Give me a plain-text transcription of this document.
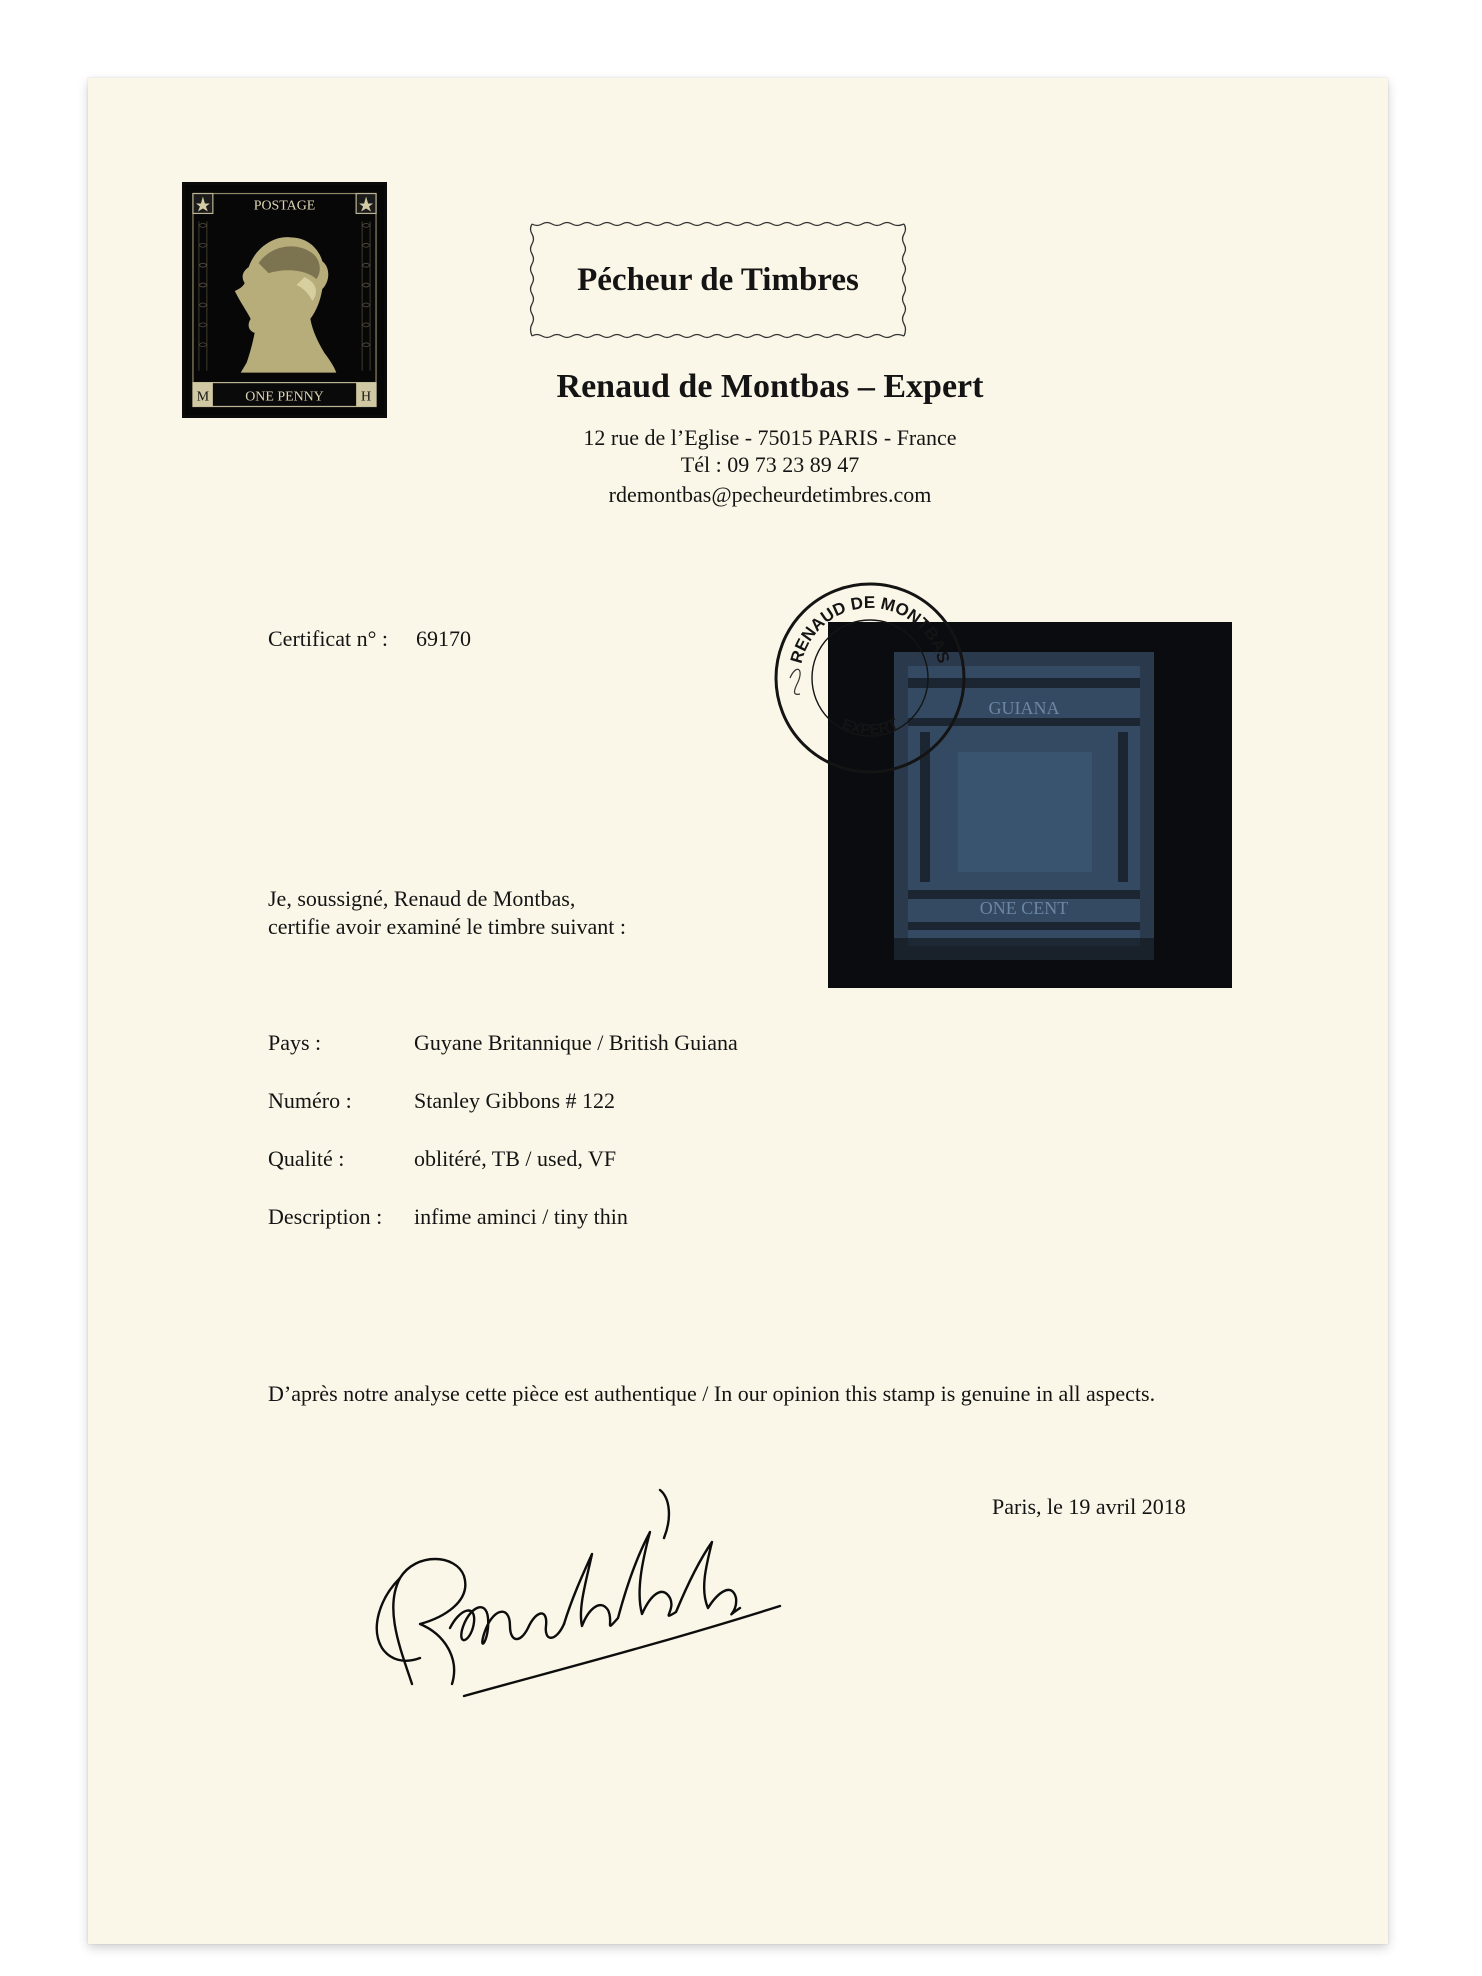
POSTAGE
M	H
ONE PENNY
Pécheur de Timbres
Renaud de Montbas – Expert
12 rue de l’Eglise - 75015 PARIS - France
Tél : 09 73 23 89 47
rdemontbas@pecheurdetimbres.com
Certificat n° : 69170
GUIANA
ONE CENT
RENAUD DE MONTBAS
EXPERT
Je, soussigné, Renaud de Montbas,
certifie avoir examiné le timbre suivant :
Pays :	Guyane Britannique / British Guiana
Numéro :	Stanley Gibbons # 122
Qualité :	oblitéré, TB / used, VF
Description : infime aminci / tiny thin
D’après notre analyse cette pièce est authentique / In our opinion this stamp is genuine in all aspects.
Paris, le 19 avril 2018
